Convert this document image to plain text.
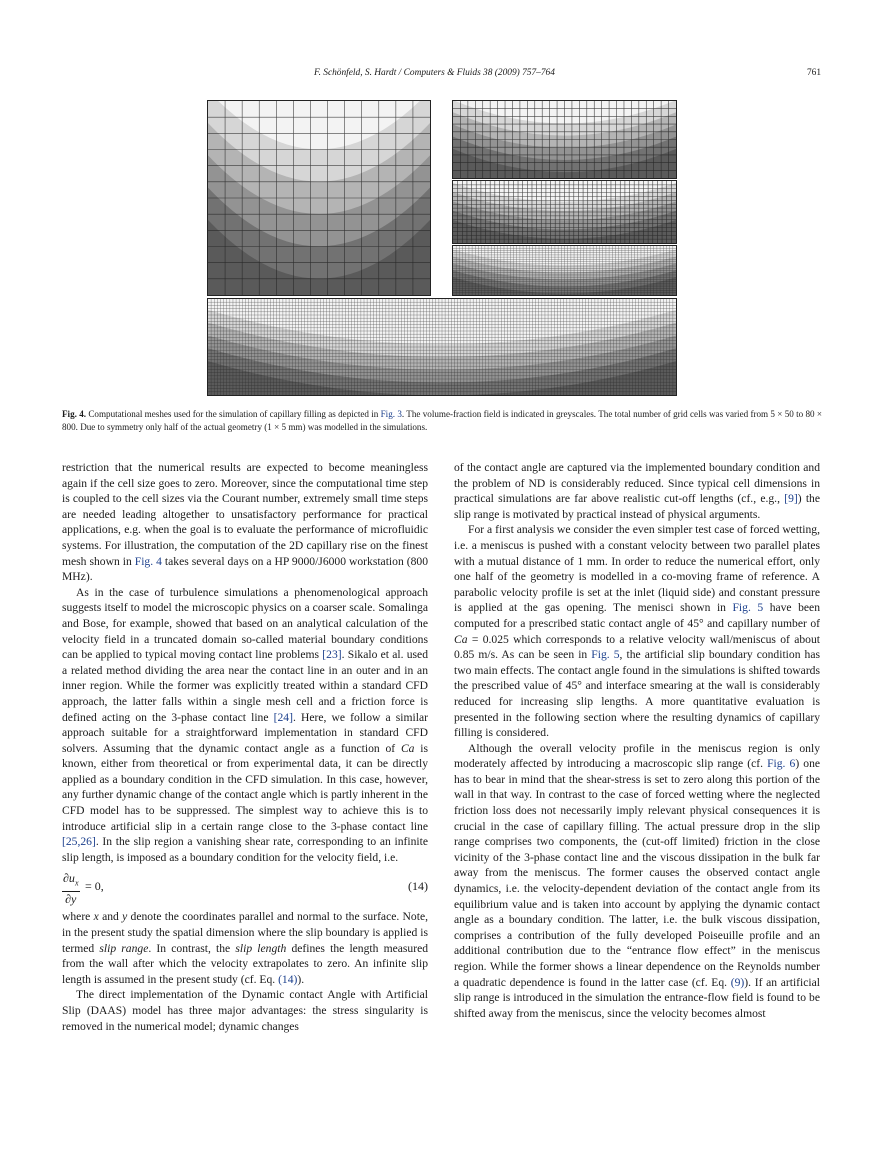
F. Schönfeld, S. Hardt / Computers & Fluids 38 (2009) 757–764	761
Fig. 4. Computational meshes used for the simulation of capillary filling as depicted in Fig. 3. The volume-fraction field is indicated in greyscales. The total number of grid cells was varied from 5 × 50 to 80 × 800. Due to symmetry only half of the actual geometry (1 × 5 mm) was modelled in the simulations.

restriction that the numerical results are expected to become meaningless again if the cell size goes to zero. Moreover, since the computational time step is coupled to the cell sizes via the Courant number, extremely small time steps are needed leading altogether to unsatisfactory performance for practical applications, e.g. when the goal is to evaluate the performance of microfluidic systems. For illustration, the computation of the 2D capillary rise on the finest mesh shown in Fig. 4 takes several days on a HP 9000/J6000 workstation (800 MHz).

As in the case of turbulence simulations a phenomenological approach suggests itself to model the microscopic physics on a coarser scale. Somalinga and Bose, for example, showed that based on an analytical calculation of the velocity field in a truncated domain so-called material boundary conditions can be applied to typical moving contact line problems [23]. Sikalo et al. used a related method dividing the area near the contact line in an outer and in an inner region. While the former was explicitly treated within a standard CFD approach, the latter falls within a single mesh cell and a friction force is defined acting on the 3-phase contact line [24]. Here, we follow a similar approach suitable for a straightforward implementation in standard CFD solvers. Assuming that the dynamic contact angle as a function of Ca is known, either from theoretical or from experimental data, it can be directly applied as a boundary condition in the CFD simulation. In this case, however, any further dynamic change of the contact angle which is partly inherent in the CFD model has to be suppressed. The simplest way to achieve this is to introduce artificial slip in a certain range close to the 3-phase contact line [25,26]. In the slip region a vanishing shear rate, corresponding to an infinite slip length, is imposed as a boundary condition for the velocity field, i.e.

$\frac{\partial u_x}{\partial y} = 0$,	(14)

where x and y denote the coordinates parallel and normal to the surface. Note, in the present study the spatial dimension where the slip boundary is applied is termed slip range. In contrast, the slip length defines the length measured from the wall after which the velocity extrapolates to zero. An infinite slip length is assumed in the present study (cf. Eq. (14)).

The direct implementation of the Dynamic contact Angle with Artificial Slip (DAAS) model has three major advantages: the stress singularity is removed in the numerical model; dynamic changes

of the contact angle are captured via the implemented boundary condition and the problem of ND is considerably reduced. Since typical cell dimensions in practical simulations are far above realistic cut-off lengths (cf., e.g., [9]) the slip range is motivated by practical instead of physical arguments.

For a first analysis we consider the even simpler test case of forced wetting, i.e. a meniscus is pushed with a constant velocity between two parallel plates with a mutual distance of 1 mm. In order to reduce the numerical effort, only one half of the geometry is modelled in a co-moving frame of reference. A parabolic velocity profile is set at the inlet (liquid side) and constant pressure is applied at the gas opening. The menisci shown in Fig. 5 have been computed for a prescribed static contact angle of 45° and capillary number of Ca = 0.025 which corresponds to a relative velocity wall/meniscus of about 0.85 m/s. As can be seen in Fig. 5, the artificial slip boundary condition has two main effects. The contact angle found in the simulations is shifted towards the prescribed value of 45° and interface smearing at the wall is considerably reduced for increasing slip lengths. A more quantitative evaluation is presented in the following section where the resulting dynamics of capillary filling is considered.

Although the overall velocity profile in the meniscus region is only moderately affected by introducing a macroscopic slip range (cf. Fig. 6) one has to bear in mind that the shear-stress is set to zero along this portion of the wall in that way. In contrast to the case of forced wetting where the neglected friction loss does not necessarily imply relevant physical consequences it is crucial in the case of capillary filling. The actual pressure drop in the slip range comprises two components, the (cut-off limited) friction in the close vicinity of the 3-phase contact line and the viscous dissipation in the bulk far away from the meniscus. The former causes the observed contact angle dynamics, i.e. the velocity-dependent deviation of the contact angle from its equilibrium value and is taken into account by applying the dynamic contact angle as a boundary condition. The latter, i.e. the bulk viscous dissipation, comprises a contribution of the fully developed Poiseuille profile and an additional contribution due to the “entrance flow effect” in the meniscus region. While the former shows a linear dependence on the Reynolds number a quadratic dependence is found in the latter case (cf. Eq. (9)). If an artificial slip range is introduced in the simulation the entrance-flow field is found to be shifted away from the meniscus, since the velocity becomes almost
